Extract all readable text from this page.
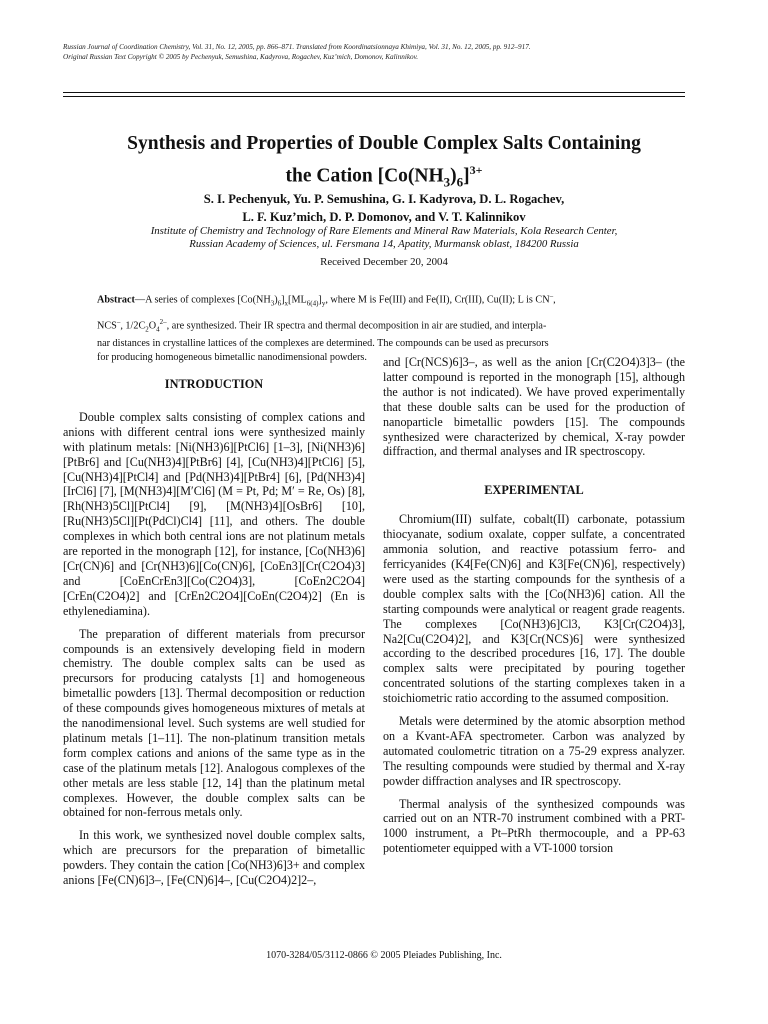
Russian Journal of Coordination Chemistry, Vol. 31, No. 12, 2005, pp. 866–871. Translated from Koordinatsionnaya Khimiya, Vol. 31, No. 12, 2005, pp. 912–917.
Original Russian Text Copyright © 2005 by Pechenyuk, Semushina, Kadyrova, Rogachev, Kuz’mich, Domonov, Kalinnikov.
Synthesis and Properties of Double Complex Salts Containing
the Cation $[Co(NH_3)_6]^{3+}$
S. I. Pechenyuk, Yu. P. Semushina, G. I. Kadyrova, D. L. Rogachev,
L. F. Kuz’mich, D. P. Domonov, and V. T. Kalinnikov
Institute of Chemistry and Technology of Rare Elements and Mineral Raw Materials, Kola Research Center,
Russian Academy of Sciences, ul. Fersmana 14, Apatity, Murmansk oblast, 184200 Russia
Received December 20, 2004
Abstract—A series of complexes $[Co(NH_3)_6]_x[ML_{6(4)}]_y$, where M is Fe(III) and Fe(II), Cr(III), Cu(II); L is CN–,
NCS–, $1/2C_2O_4^{2-}$, are synthesized. Their IR spectra and thermal decomposition in air are studied, and interpla-
nar distances in crystalline lattices of the complexes are determined. The compounds can be used as precursors
for producing homogeneous bimetallic nanodimensional powders.
INTRODUCTION

Double complex salts consisting of complex cations and anions with different central ions were synthesized mainly with platinum metals: [Ni(NH3)6][PtCl6] [1–3], [Ni(NH3)6][PtBr6] and [Cu(NH3)4][PtBr6] [4], [Cu(NH3)4][PtCl6] [5], [Cu(NH3)4][PtCl4] and [Pd(NH3)4][PtBr4] [6], [Pd(NH3)4][IrCl6] [7], [M(NH3)4][M′Cl6] (M = Pt, Pd; M′ = Re, Os) [8], [Rh(NH3)5Cl][PtCl4] [9], [M(NH3)4][OsBr6] [10], [Ru(NH3)5Cl][Pt(PdCl)Cl4] [11], and others. The double complexes in which both central ions are not platinum metals are reported in the monograph [12], for instance, [Co(NH3)6][Cr(CN)6] and [Cr(NH3)6][Co(CN)6], [CoEn3][Cr(C2O4)3] and [CoEnCrEn3][Co(C2O4)3], [CoEn2C2O4][CrEn(C2O4)2] and [CrEn2C2O4][CoEn(C2O4)2] (En is ethylenediamina).

The preparation of different materials from precursor compounds is an extensively developing field in modern chemistry. The double complex salts can be used as precursors for producing catalysts [1] and homogeneous bimetallic powders [13]. Thermal decomposition or reduction of these compounds gives homogeneous mixtures of metals at the nanodimensional level. Such systems are well studied for platinum metals [1–11]. The non-platinum transition metals form complex cations and anions of the same type as in the case of the platinum metals [12]. Analogous complexes of the other metals are less stable [12, 14] than the platinum metal complexes. However, the double complex salts can be obtained for non-ferrous metals only.

In this work, we synthesized novel double complex salts, which are precursors for the preparation of bimetallic powders. They contain the cation [Co(NH3)6]3+ and complex anions [Fe(CN)6]3–, [Fe(CN)6]4–, [Cu(C2O4)2]2–,

and [Cr(NCS)6]3–, as well as the anion [Cr(C2O4)3]3– (the latter compound is reported in the monograph [15], although the author is not indicated). We have proved experimentally that these double salts can be used for the production of nanoparticle bimetallic powders [15]. The compounds synthesized were characterized by chemical, X-ray powder diffraction, and thermal analyses and IR spectroscopy.

EXPERIMENTAL

Chromium(III) sulfate, cobalt(II) carbonate, potassium thiocyanate, sodium oxalate, copper sulfate, a concentrated ammonia solution, and reactive potassium ferro- and ferricyanides (K4[Fe(CN)6] and K3[Fe(CN)6], respectively) were used as the starting compounds for the synthesis of a double complex salts with the [Co(NH3)6] cation. All the starting compounds were analytical or reagent grade reagents. The complexes [Co(NH3)6]Cl3, K3[Cr(C2O4)3], Na2[Cu(C2O4)2], and K3[Cr(NCS)6] were synthesized according to the described procedures [16, 17]. The double complex salts were precipitated by pouring together concentrated solutions of the starting complexes taken in a stoichiometric ratio according to the assumed composition.

Metals were determined by the atomic absorption method on a Kvant-AFA spectrometer. Carbon was analyzed by automated coulometric titration on a 75-29 express analyzer. The resulting compounds were studied by thermal and X-ray powder diffraction analyses and IR spectroscopy.

Thermal analysis of the synthesized compounds was carried out on an NTR-70 instrument combined with a PRT-1000 instrument, a Pt–PtRh thermocouple, and a PP-63 potentiometer equipped with a VT-1000 torsion

1070-3284/05/3112-0866 © 2005 Pleiades Publishing, Inc.
